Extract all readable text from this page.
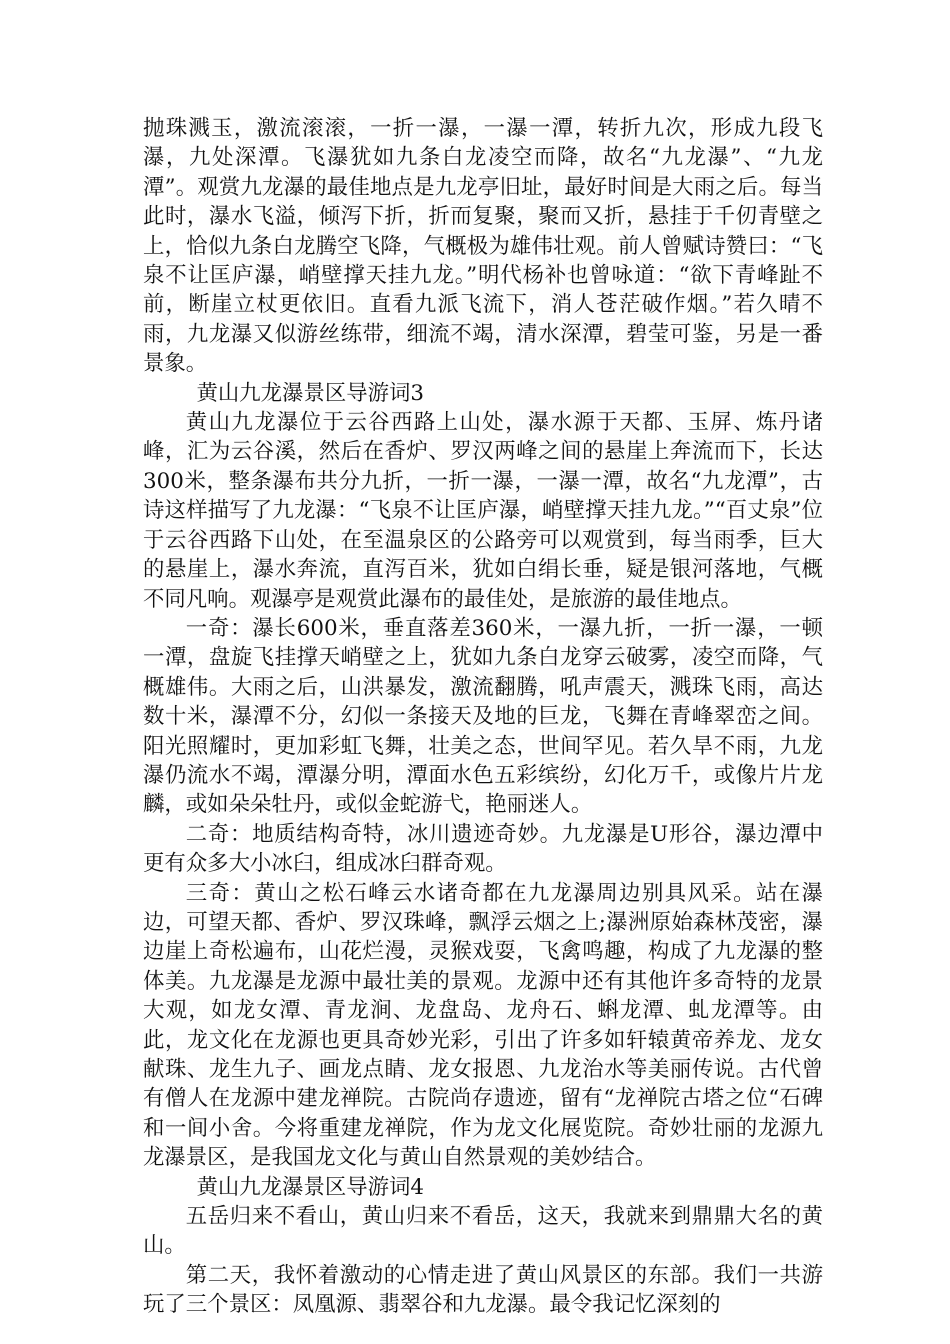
抛珠溅玉，激流滚滚，一折一瀑，一瀑一潭，转折九次，形成九段飞瀑，九处深潭。飞瀑犹如九条白龙凌空而降，故名“九龙瀑”、“九龙潭”。观赏九龙瀑的最佳地点是九龙亭旧址，最好时间是大雨之后。每当此时，瀑水飞溢，倾泻下折，折而复聚，聚而又折，悬挂于千仞青壁之上，恰似九条白龙腾空飞降，气概极为雄伟壮观。前人曾赋诗赞曰：“飞泉不让匡庐瀑，峭壁撑天挂九龙。”明代杨补也曾咏道：“欲下青峰趾不前，断崖立杖更依旧。直看九派飞流下，消人苍茫破作烟。”若久晴不雨，九龙瀑又似游丝练带，细流不竭，清水深潭，碧莹可鉴，另是一番景象。

黄山九龙瀑景区导游词3

黄山九龙瀑位于云谷西路上山处，瀑水源于天都、玉屏、炼丹诸峰，汇为云谷溪，然后在香炉、罗汉两峰之间的悬崖上奔流而下，长达300米，整条瀑布共分九折，一折一瀑，一瀑一潭，故名“九龙潭”，古诗这样描写了九龙瀑：“飞泉不让匡庐瀑，峭壁撑天挂九龙。”“百丈泉”位于云谷西路下山处，在至温泉区的公路旁可以观赏到，每当雨季，巨大的悬崖上，瀑水奔流，直泻百米，犹如白绢长垂，疑是银河落地，气概不同凡响。观瀑亭是观赏此瀑布的最佳处，是旅游的最佳地点。

一奇：瀑长600米，垂直落差360米，一瀑九折，一折一瀑，一顿一潭，盘旋飞挂撑天峭壁之上，犹如九条白龙穿云破雾，凌空而降，气概雄伟。大雨之后，山洪暴发，激流翻腾，吼声震天，溅珠飞雨，高达数十米，瀑潭不分，幻似一条接天及地的巨龙，飞舞在青峰翠峦之间。阳光照耀时，更加彩虹飞舞，壮美之态，世间罕见。若久旱不雨，九龙瀑仍流水不竭，潭瀑分明，潭面水色五彩缤纷，幻化万千，或像片片龙麟，或如朵朵牡丹，或似金蛇游弋，艳丽迷人。

二奇：地质结构奇特，冰川遗迹奇妙。九龙瀑是U形谷，瀑边潭中更有众多大小冰臼，组成冰臼群奇观。

三奇：黄山之松石峰云水诸奇都在九龙瀑周边别具风采。站在瀑边，可望天都、香炉、罗汉珠峰，飘浮云烟之上;瀑洲原始森林茂密，瀑边崖上奇松遍布，山花烂漫，灵猴戏耍，飞禽鸣趣，构成了九龙瀑的整体美。九龙瀑是龙源中最壮美的景观。龙源中还有其他许多奇特的龙景大观，如龙女潭、青龙涧、龙盘岛、龙舟石、蝌龙潭、虬龙潭等。由此，龙文化在龙源也更具奇妙光彩，引出了许多如轩辕黄帝养龙、龙女献珠、龙生九子、画龙点睛、龙女报恩、九龙治水等美丽传说。古代曾有僧人在龙源中建龙禅院。古院尚存遗迹，留有“龙禅院古塔之位“石碑和一间小舍。今将重建龙禅院，作为龙文化展览院。奇妙壮丽的龙源九龙瀑景区，是我国龙文化与黄山自然景观的美妙结合。

黄山九龙瀑景区导游词4

五岳归来不看山，黄山归来不看岳，这天，我就来到鼎鼎大名的黄山。

第二天，我怀着激动的心情走进了黄山风景区的东部。我们一共游玩了三个景区：凤凰源、翡翠谷和九龙瀑。最令我记忆深刻的
